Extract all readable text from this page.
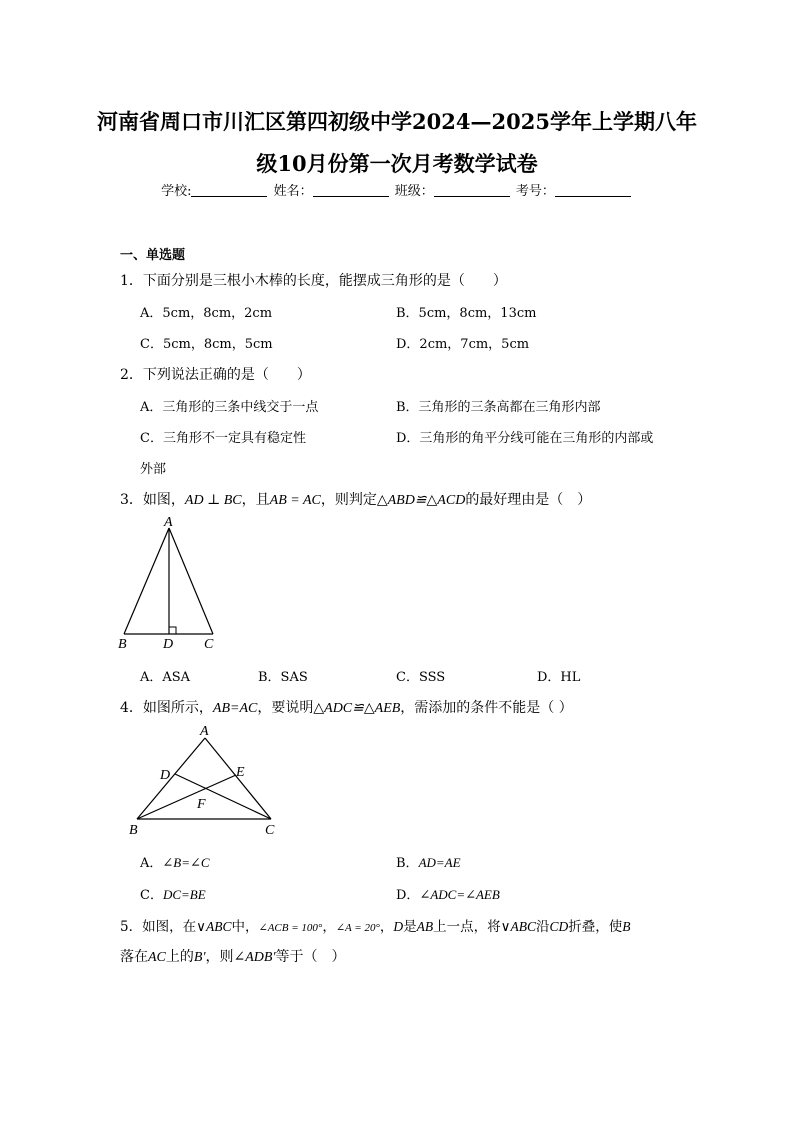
河南省周口市川汇区第四初级中学2024—2025学年上学期八年
级10月份第一次月考数学试卷
学校:	姓名：	班级：	考号：
一、单选题
1．下面分别是三根小木棒的长度，能摆成三角形的是（　　）
A．5cm，8cm，2cm	B．5cm，8cm，13cm
C．5cm，8cm，5cm	D．2cm，7cm，5cm
2．下列说法正确的是（　　）
A．三角形的三条中线交于一点	B．三角形的三条高都在三角形内部
C．三角形不一定具有稳定性	D．三角形的角平分线可能在三角形的内部或
外部
3．如图，AD ⊥ BC，且AB = AC，则判定△ABD≌△ACD的最好理由是（　）
A
B	D C
A．ASA	B．SAS	C．SSS	D．HL
4．如图所示，AB=AC，要说明△ADC≌△AEB，需添加的条件不能是（ ）
A
D	E
F
B	C
A．∠B=∠C	B．AD=AE
C．DC=BE	D．∠ADC=∠AEB
5．如图，在∨ABC中，∠ACB = 100°，∠A = 20°，D是AB上一点，将∨ABC沿CD折叠，使B
落在AC上的B′，则∠ADB′等于（　）
